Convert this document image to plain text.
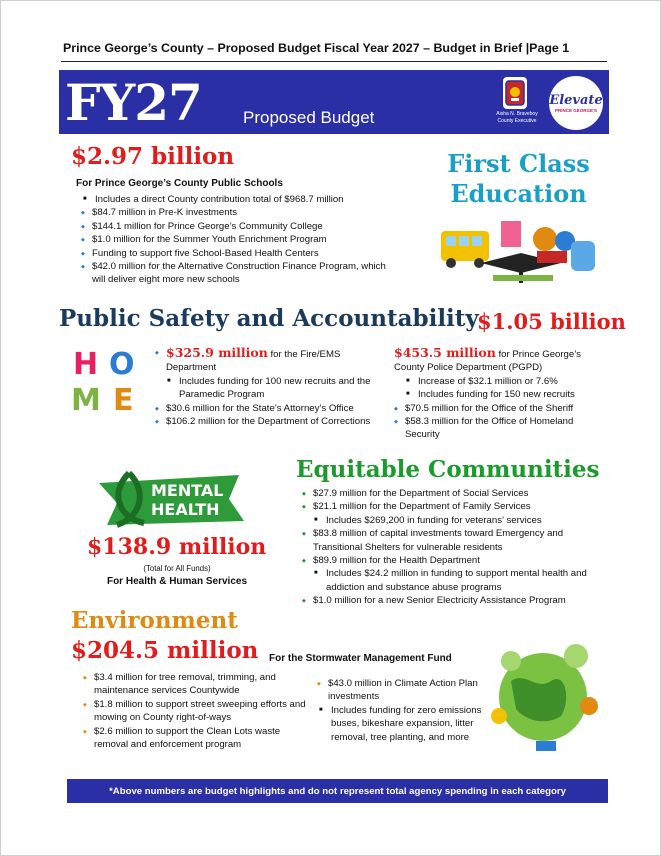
Prince George’s County – Proposed Budget Fiscal Year 2027 – Budget in Brief |Page 1
FY27 Proposed Budget	Aisha N. Braveboy
County Executive
Elevate
PRINCE GEORGE'S
$2.97 billion
For Prince George’s County Public Schools
■ Includes a direct County contribution total of $968.7 million
◆ $84.7 million in Pre-K investments
◆ $144.1 million for Prince George’s Community College
◆ $1.0 million for the Summer Youth Enrichment Program
◆ Funding to support five School-Based Health Centers
◆ $42.0 million for the Alternative Construction Finance Program, which will deliver eight more new schools
First Class
Education
Public Safety and Accountability
$1.05 billion
H O
M E
◆ $325.9 million for the Fire/EMS
Department
■ Includes funding for 100 new recruits and the Paramedic Program
◆ $30.6 million for the State’s Attorney’s Office
◆ $106.2 million for the Department of Corrections
$453.5 million for Prince George’s
County Police Department (PGPD)
■ Increase of $32.1 million or 7.6%
■ Includes funding for 150 new recruits
◆ $70.5 million for the Office of the Sheriff
◆ $58.3 million for the Office of Homeland Security
MENTAL
HEALTH
$138.9 million
(Total for All Funds)
For Health & Human Services
Equitable Communities
◆ $27.9 million for the Department of Social Services
◆ $21.1 million for the Department of Family Services
■ Includes $269,200 in funding for veterans’ services
◆ $83.8 million of capital investments toward Emergency and Transitional Shelters for vulnerable residents
◆ $89.9 million for the Health Department
■ Includes $24.2 million in funding to support mental health and addiction and substance abuse programs
◆ $1.0 million for a new Senior Electricity Assistance Program
Environment
$204.5 million For the Stormwater Management Fund
◆ $3.4 million for tree removal, trimming, and maintenance services Countywide
◆ $1.8 million to support street sweeping efforts and mowing on County right-of-ways
◆ $2.6 million to support the Clean Lots waste removal and enforcement program
◆ $43.0 million in Climate Action Plan investments
■ Includes funding for zero emissions buses, bikeshare expansion, litter removal, tree planting, and more
*Above numbers are budget highlights and do not represent total agency spending in each category
